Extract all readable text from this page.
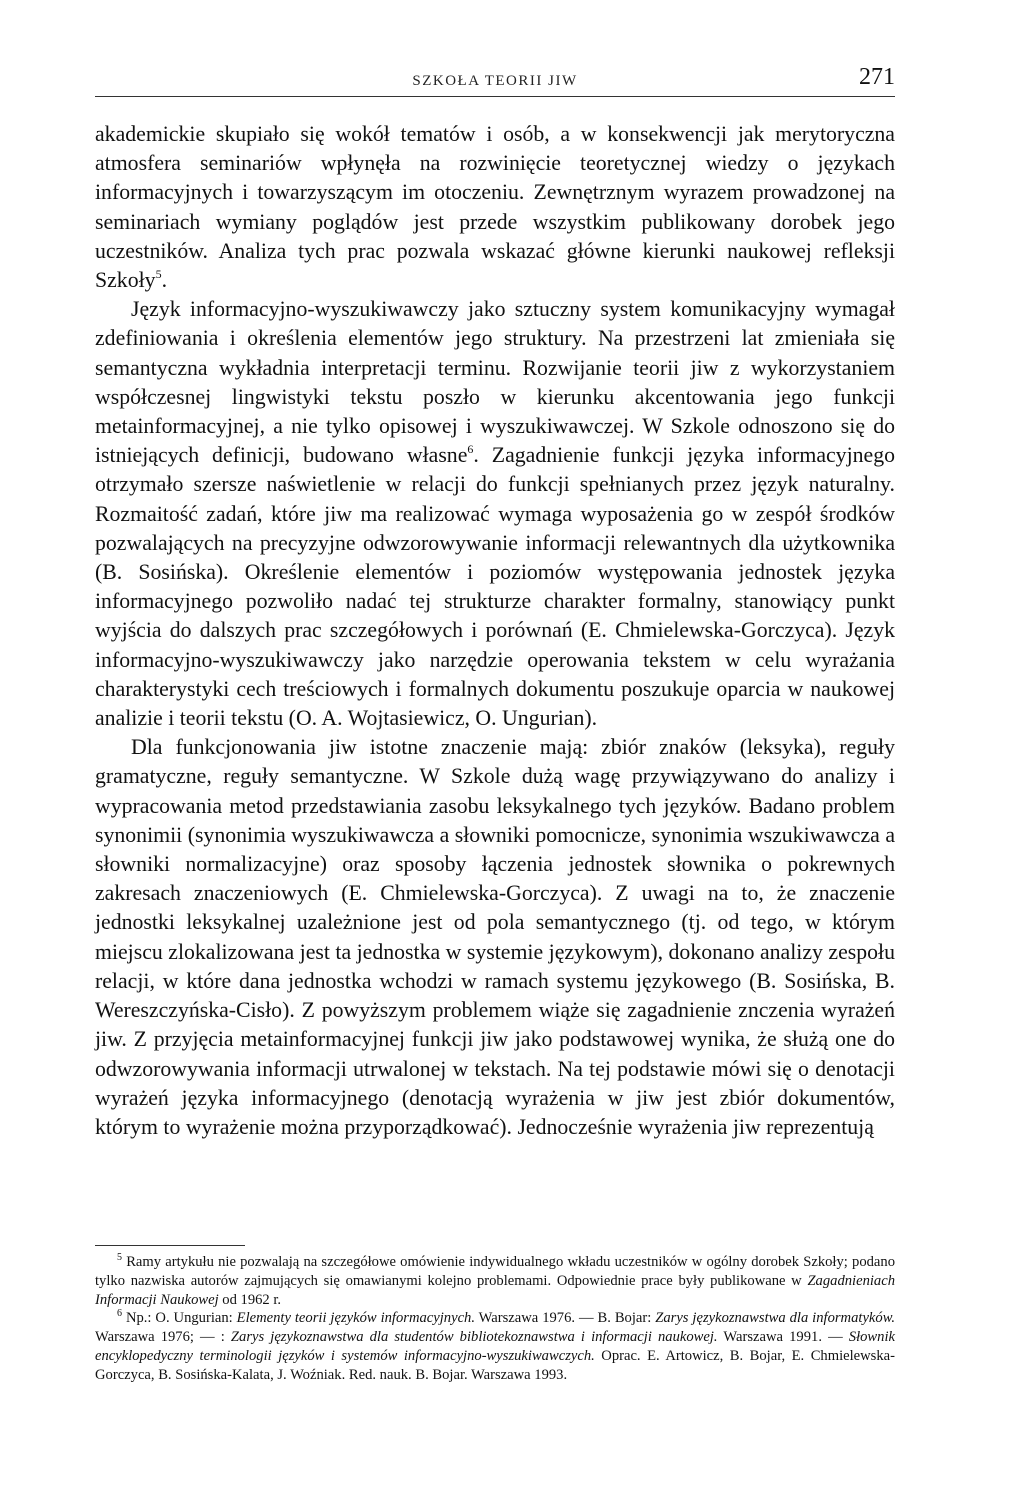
SZKOŁA TEORII JIW	271

akademickie skupiało się wokół tematów i osób, a w konsekwencji jak merytoryczna atmosfera seminariów wpłynęła na rozwinięcie teoretycznej wiedzy o językach informacyjnych i towarzyszącym im otoczeniu. Zewnętrznym wyrazem prowadzonej na seminariach wymiany poglądów jest przede wszystkim publikowany dorobek jego uczestników. Analiza tych prac pozwala wskazać główne kierunki naukowej refleksji Szkoły$^5$.

Język informacyjno-wyszukiwawczy jako sztuczny system komunikacyjny wymagał zdefiniowania i określenia elementów jego struktury. Na przestrzeni lat zmieniała się semantyczna wykładnia interpretacji terminu. Rozwijanie teorii jiw z wykorzystaniem współczesnej lingwistyki tekstu poszło w kierunku akcentowania jego funkcji metainformacyjnej, a nie tylko opisowej i wyszukiwawczej. W Szkole odnoszono się do istniejących definicji, budowano własne$^6$. Zagadnienie funkcji języka informacyjnego otrzymało szersze naświetlenie w relacji do funkcji spełnianych przez język naturalny. Rozmaitość zadań, które jiw ma realizować wymaga wyposażenia go w zespół środków pozwalających na precyzyjne odwzorowywanie informacji relewantnych dla użytkownika (B. Sosińska). Określenie elementów i poziomów występowania jednostek języka informacyjnego pozwoliło nadać tej strukturze charakter formalny, stanowiący punkt wyjścia do dalszych prac szczegółowych i porównań (E. Chmielewska-Gorczyca). Język informacyjno-wyszukiwawczy jako narzędzie operowania tekstem w celu wyrażania charakterystyki cech treściowych i formalnych dokumentu poszukuje oparcia w naukowej analizie i teorii tekstu (O. A. Wojtasiewicz, O. Ungurian).

Dla funkcjonowania jiw istotne znaczenie mają: zbiór znaków (leksyka), reguły gramatyczne, reguły semantyczne. W Szkole dużą wagę przywiązywano do analizy i wypracowania metod przedstawiania zasobu leksykalnego tych języków. Badano problem synonimii (synonimia wyszukiwawcza a słowniki pomocnicze, synonimia wszukiwawcza a słowniki normalizacyjne) oraz sposoby łączenia jednostek słownika o pokrewnych zakresach znaczeniowych (E. Chmielewska-Gorczyca). Z uwagi na to, że znaczenie jednostki leksykalnej uzależnione jest od pola semantycznego (tj. od tego, w którym miejscu zlokalizowana jest ta jednostka w systemie językowym), dokonano analizy zespołu relacji, w które dana jednostka wchodzi w ramach systemu językowego (B. Sosińska, B. Wereszczyńska-Cisło). Z powyższym problemem wiąże się zagadnienie znczenia wyrażeń jiw. Z przyjęcia metainformacyjnej funkcji jiw jako podstawowej wynika, że służą one do odwzorowywania informacji utrwalonej w tekstach. Na tej podstawie mówi się o denotacji wyrażeń języka informacyjnego (denotacją wyrażenia w jiw jest zbiór dokumentów, którym to wyrażenie można przyporządkować). Jednocześnie wyrażenia jiw reprezentują

$^5$ Ramy artykułu nie pozwalają na szczegółowe omówienie indywidualnego wkładu uczestników w ogólny dorobek Szkoły; podano tylko nazwiska autorów zajmujących się omawianymi kolejno problemami. Odpowiednie prace były publikowane w Zagadnieniach Informacji Naukowej od 1962 r.

$^6$ Np.: O. Ungurian: Elementy teorii języków informacyjnych. Warszawa 1976. — B. Bojar: Zarys językoznawstwa dla informatyków. Warszawa 1976; — : Zarys językoznawstwa dla studentów bibliotekoznawstwa i informacji naukowej. Warszawa 1991. — Słownik encyklopedyczny terminologii języków i systemów informacyjno-wyszukiwawczych. Oprac. E. Artowicz, B. Bojar, E. Chmielewska-Gorczyca, B. Sosińska-Kalata, J. Woźniak. Red. nauk. B. Bojar. Warszawa 1993.
